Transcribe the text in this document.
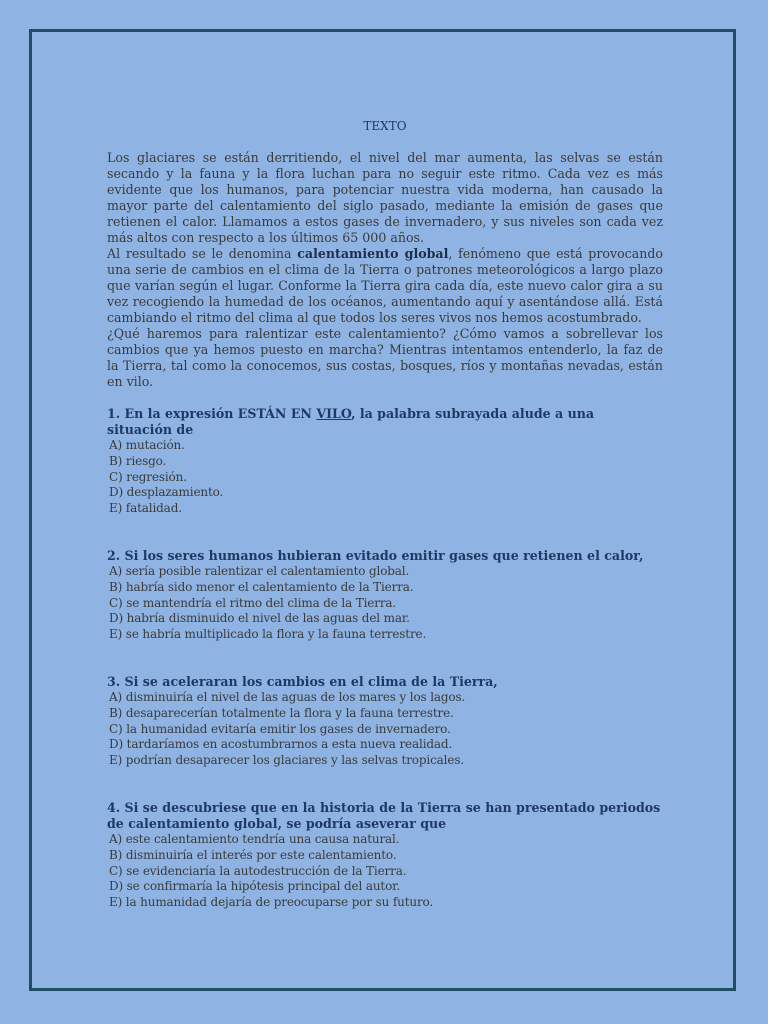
TEXTO

Los glaciares se están derritiendo, el nivel del mar aumenta, las selvas se están secando y la fauna y la flora luchan para no seguir este ritmo. Cada vez es más evidente que los humanos, para potenciar nuestra vida moderna, han causado la mayor parte del calentamiento del siglo pasado, mediante la emisión de gases que retienen el calor. Llamamos a estos gases de invernadero, y sus niveles son cada vez más altos con respecto a los últimos 65 000 años.

Al resultado se le denomina calentamiento global, fenómeno que está provocando una serie de cambios en el clima de la Tierra o patrones meteorológicos a largo plazo que varían según el lugar. Conforme la Tierra gira cada día, este nuevo calor gira a su vez recogiendo la humedad de los océanos, aumentando aquí y asentándose allá. Está cambiando el ritmo del clima al que todos los seres vivos nos hemos acostumbrado.

¿Qué haremos para ralentizar este calentamiento? ¿Cómo vamos a sobrellevar los cambios que ya hemos puesto en marcha? Mientras intentamos entenderlo, la faz de la Tierra, tal como la conocemos, sus costas, bosques, ríos y montañas nevadas, están en vilo.

1. En la expresión ESTÁN EN VILO, la palabra subrayada alude a una situación de

A) mutación.
B) riesgo.
C) regresión.
D) desplazamiento.
E) fatalidad.

2. Si los seres humanos hubieran evitado emitir gases que retienen el calor,

A) sería posible ralentizar el calentamiento global.
B) habría sido menor el calentamiento de la Tierra.
C) se mantendría el ritmo del clima de la Tierra.
D) habría disminuido el nivel de las aguas del mar.
E) se habría multiplicado la flora y la fauna terrestre.

3. Si se aceleraran los cambios en el clima de la Tierra,

A) disminuiría el nivel de las aguas de los mares y los lagos.
B) desaparecerían totalmente la flora y la fauna terrestre.
C) la humanidad evitaría emitir los gases de invernadero.
D) tardaríamos en acostumbrarnos a esta nueva realidad.
E) podrían desaparecer los glaciares y las selvas tropicales.

4. Si se descubriese que en la historia de la Tierra se han presentado periodos de calentamiento global, se podría aseverar que

A) este calentamiento tendría una causa natural.
B) disminuiría el interés por este calentamiento.
C) se evidenciaría la autodestrucción de la Tierra.
D) se confirmaría la hipótesis principal del autor.
E) la humanidad dejaría de preocuparse por su futuro.
